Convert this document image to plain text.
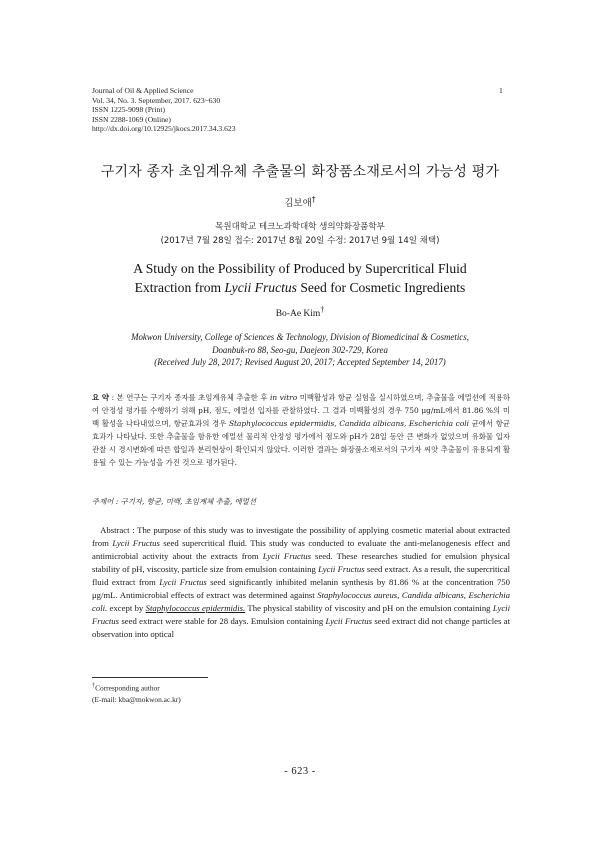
Journal of Oil & Applied Science
Vol. 34, No. 3. September, 2017. 623~630
ISSN 1225-9098 (Print)
ISSN 2288-1069 (Online)
http://dx.doi.org/10.12925/jkocs.2017.34.3.623
1
구기자 종자 초임계유체 추출물의 화장품소재로서의 가능성 평가
김보애†
목원대학교 테크노과학대학 생의약화장품학부
(2017년 7월 28일 접수: 2017년 8월 20일 수정: 2017년 9월 14일 채택)
A Study on the Possibility of Produced by Supercritical Fluid
Extraction from Lycii Fructus Seed for Cosmetic Ingredients
Bo-Ae Kim†
Mokwon University, College of Sciences & Technology, Division of Biomedicinal & Cosmetics,
Doanbuk-ro 88, Seo-gu, Daejeon 302-729, Korea
(Received July 28, 2017; Revised August 20, 2017; Accepted September 14, 2017)
요 약 : 본 연구는 구기자 종자를 초임계유체 추출한 후 in vitro 미백활성과 항균 실험을 실시하였으며, 추출물을 에멀션에 적용하여 안정성 평가를 수행하기 위해 pH, 점도, 에멀션 입자를 관찰하였다. 그 결과 미백활성의 경우 750 μg/mL에서 81.86 %의 미백 활성을 나타내었으며, 항균효과의 경우 Staphylococcus epidermidis, Candida albicans, Escherichia coli 균에서 항균효과가 나타났다. 또한 추출물을 함유한 에멀션 물리적 안정성 평가에서 점도와 pH가 28일 동안 큰 변화가 없었으며 유화물 입자 관찰 시 경시변화에 따른 합일과 분리현상이 확인되지 않았다. 이러한 결과는 화장품소재로서의 구기자 씨앗 추출물이 유용되게 활용될 수 있는 가능성을 가진 것으로 평가된다.
주제어 : 구기자, 항균, 미백, 초임계체 추출, 에멀션
Abstract : The purpose of this study was to investigate the possibility of applying cosmetic material about extracted from Lycii Fructus seed supercritical fluid. This study was conducted to evaluate the anti-melanogenesis effect and antimicrobial activity about the extracts from Lycii Fructus seed. These researches studied for emulsion physical stability of pH, viscosity, particle size from emulsion containing Lycii Fructus seed extract. As a result, the supercritical fluid extract from Lycii Fructus seed significantly inhibited melanin synthesis by 81.86 % at the concentration 750 μg/mL. Antimicrobial effects of extract was determined against Staphylococcus aureus, Candida albicans, Escherichia coli. except by Staphylococcus epidermidis. The physical stability of viscosity and pH on the emulsion containing Lycii Fructus seed extract were stable for 28 days. Emulsion containing Lycii Fructus seed extract did not change particles at observation into optical
†Corresponding author
(E-mail: kba@mokwon.ac.kr)
- 623 -
